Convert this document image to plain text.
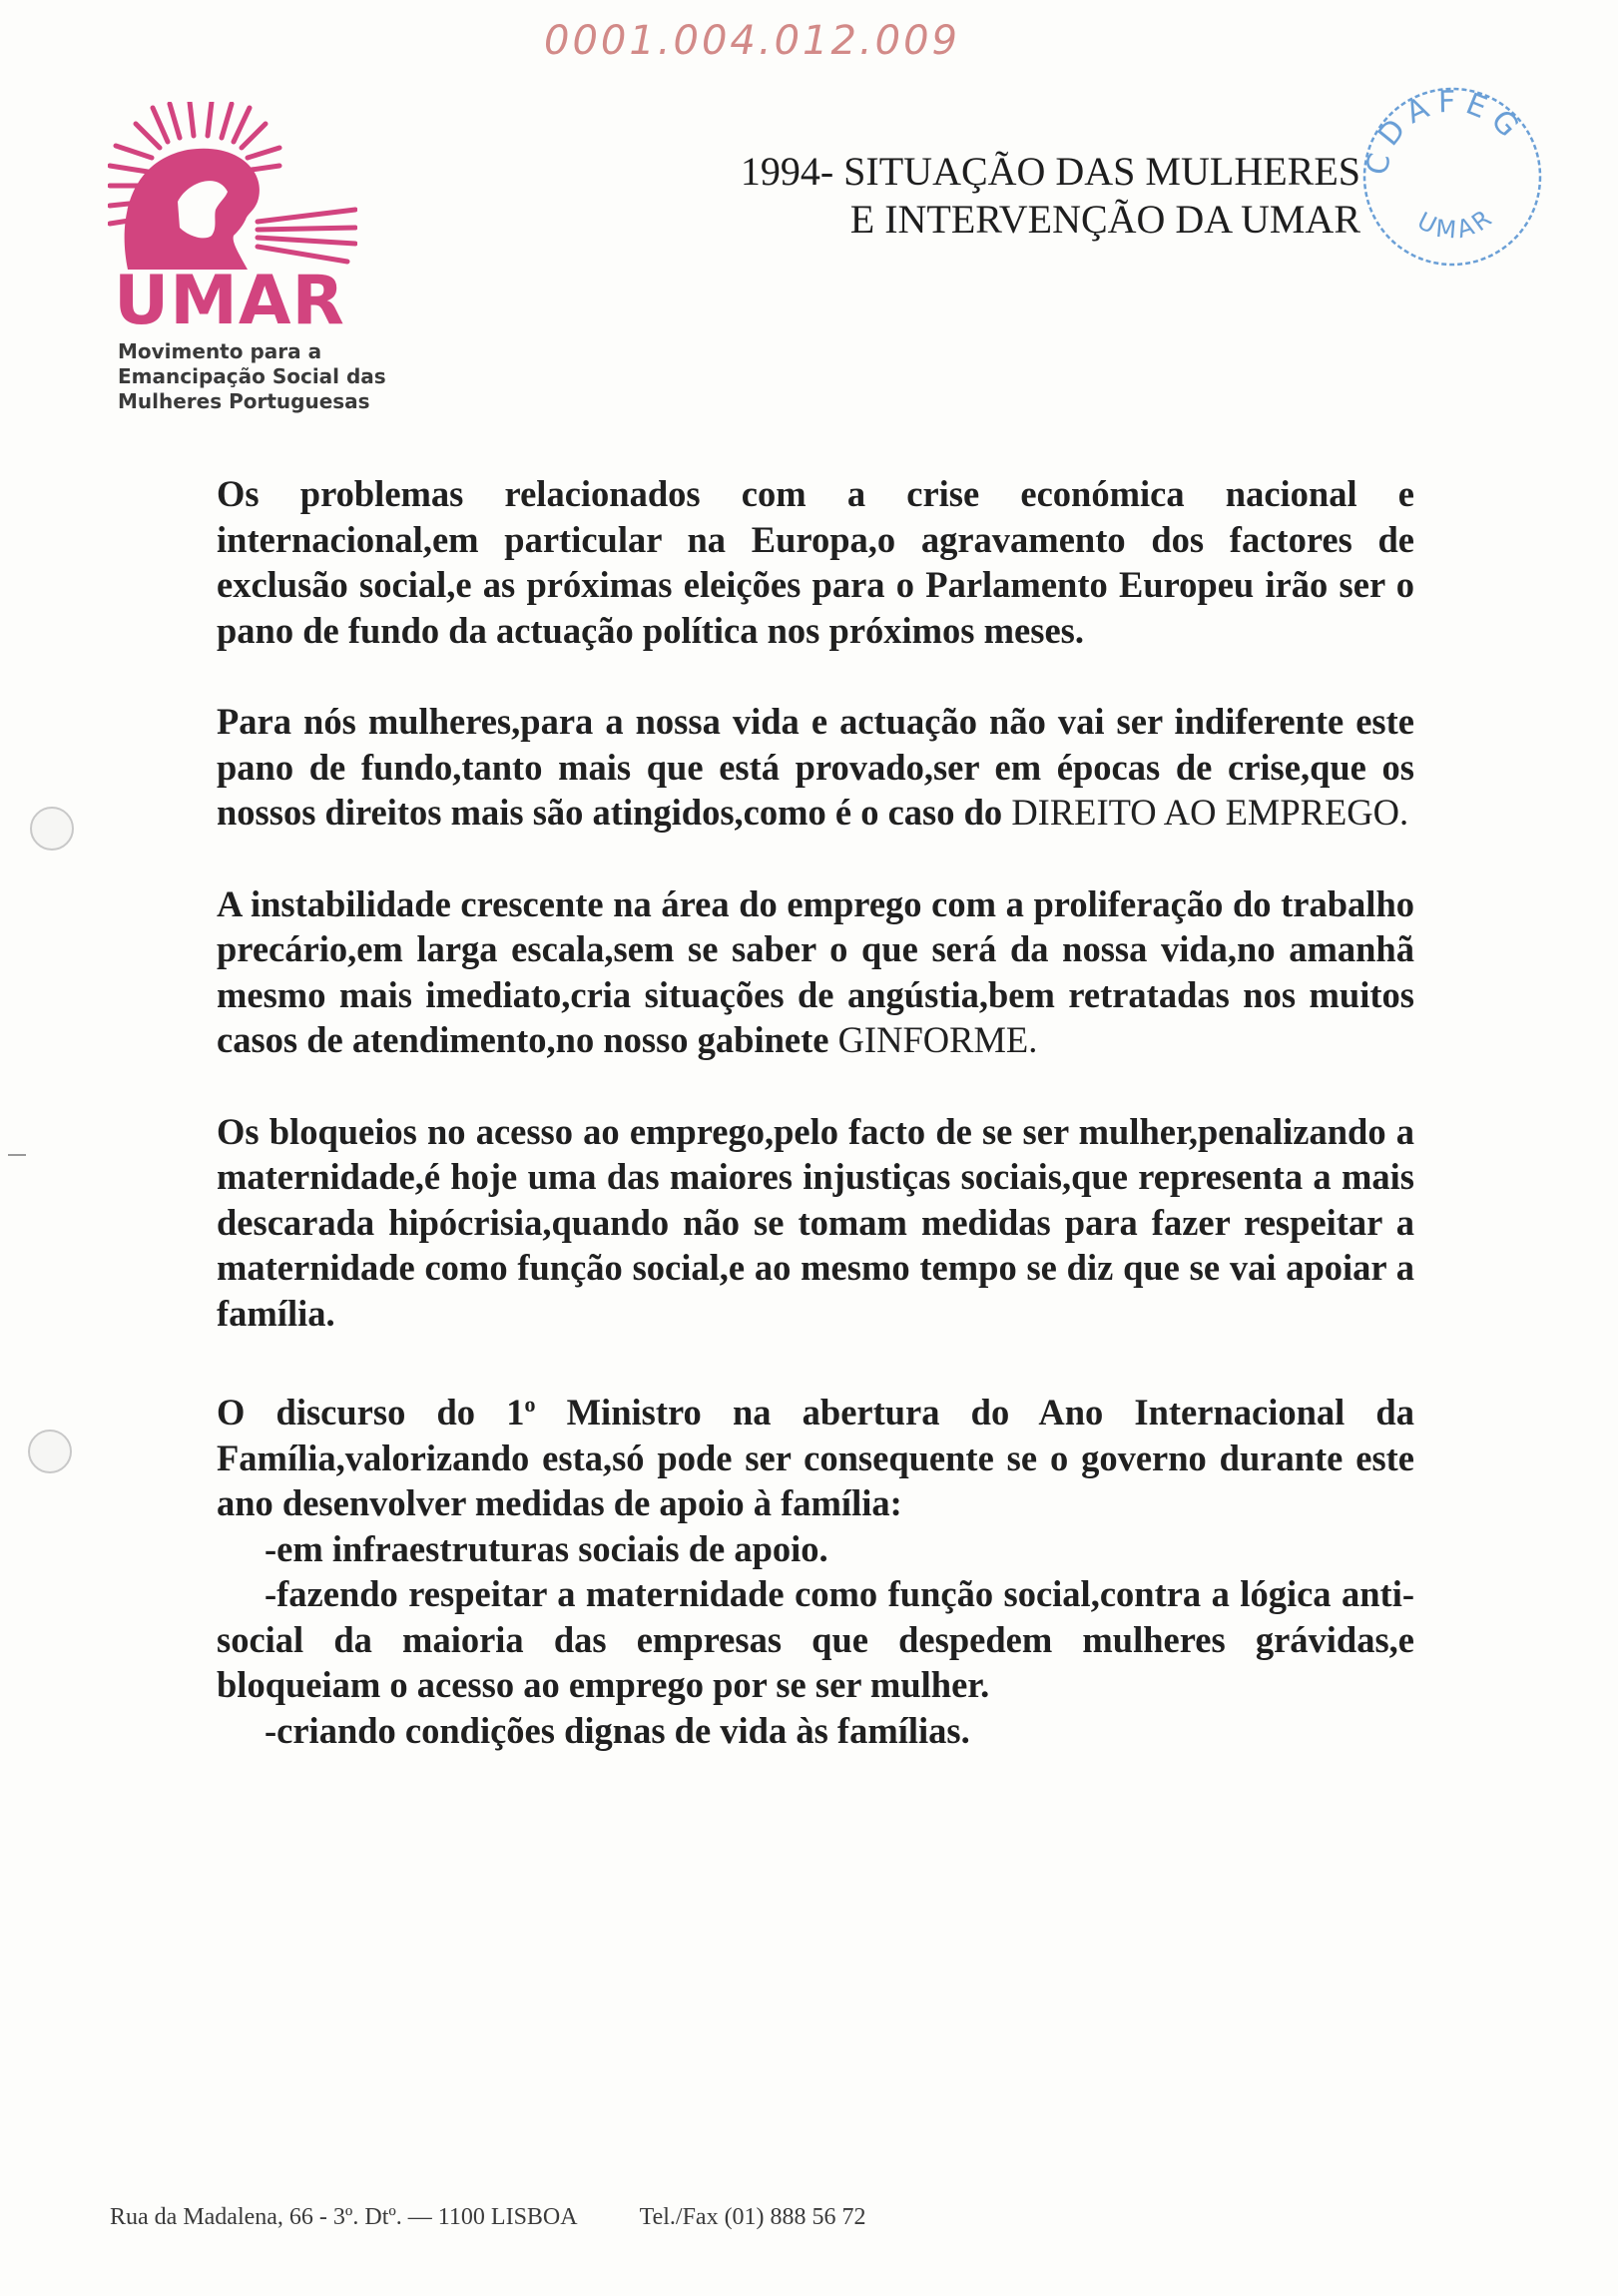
0001.004.012.009
UMAR
Movimento para a
Emancipação Social das
Mulheres Portuguesas
1994- SITUAÇÃO DAS MULHERES
E INTERVENÇÃO DA UMAR
CDAFEG
UMAR

Os problemas relacionados com a crise económica nacional e internacional,em particular na Europa,o agravamento dos factores de exclusão social,e as próximas eleições para o Parlamento Europeu irão ser o pano de fundo da actuação política nos próximos meses.

Para nós mulheres,para a nossa vida e actuação não vai ser indiferente este pano de fundo,tanto mais que está provado,ser em épocas de crise,que os nossos direitos mais são atingidos,como é o caso do DIREITO AO EMPREGO.

A instabilidade crescente na área do emprego com a proliferação do trabalho precário,em larga escala,sem se saber o que será da nossa vida,no amanhã mesmo mais imediato,cria situações de angústia,bem retratadas nos muitos casos de atendimento,no nosso gabinete GINFORME.

Os bloqueios no acesso ao emprego,pelo facto de se ser mulher,penalizando a maternidade,é hoje uma das maiores injustiças sociais,que representa a mais descarada hipócrisia,quando não se tomam medidas para fazer respeitar a maternidade como função social,e ao mesmo tempo se diz que se vai apoiar a família.

O discurso do 1$^o$ Ministro na abertura do Ano Internacional da Família,valorizando esta,só pode ser consequente se o governo durante este ano desenvolver medidas de apoio à família:
-em infraestruturas sociais de apoio.
-fazendo respeitar a maternidade como função social,contra a lógica anti-social da maioria das empresas que despedem mulheres grávidas,e bloqueiam o acesso ao emprego por se ser mulher.
-criando condições dignas de vida às famílias.

Rua da Madalena, 66 - 3º. Dtº. — 1100 LISBOA	Tel./Fax (01) 888 56 72
